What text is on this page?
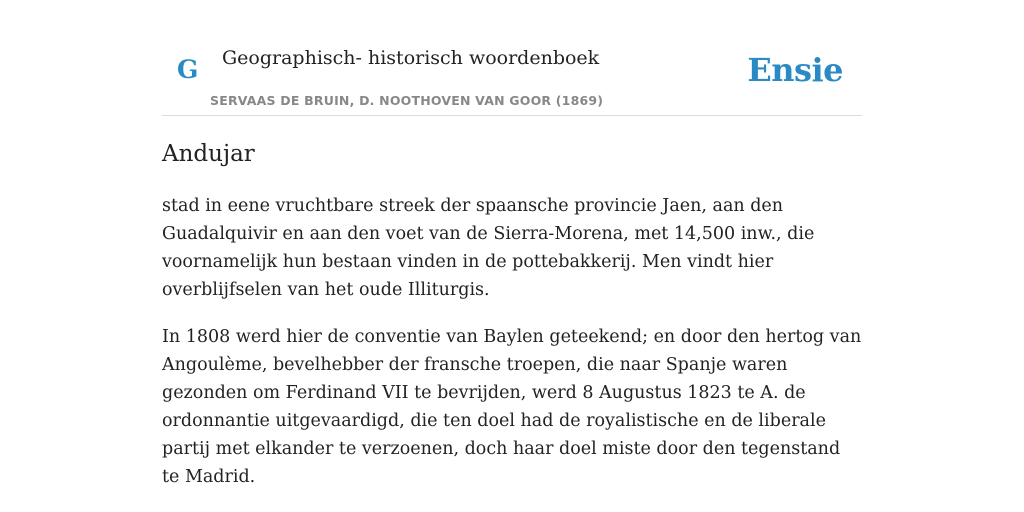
G Geographisch- historisch woordenboek
SERVAAS DE BRUIN, D. NOOTHOVEN VAN GOOR (1869)
Ensie
Andujar

stad in eene vruchtbare streek der spaansche provincie Jaen, aan den Guadalquivir en aan den voet van de Sierra-Morena, met 14,500 inw., die voornamelijk hun bestaan vinden in de pottebakkerij. Men vindt hier overblijfselen van het oude Illiturgis.

In 1808 werd hier de conventie van Baylen geteekend; en door den hertog van Angoulème, bevelhebber der fransche troepen, die naar Spanje waren gezonden om Ferdinand VII te bevrijden, werd 8 Augustus 1823 te A. de ordonnantie uitgevaardigd, die ten doel had de royalistische en de liberale partij met elkander te verzoenen, doch haar doel miste door den tegenstand te Madrid.
